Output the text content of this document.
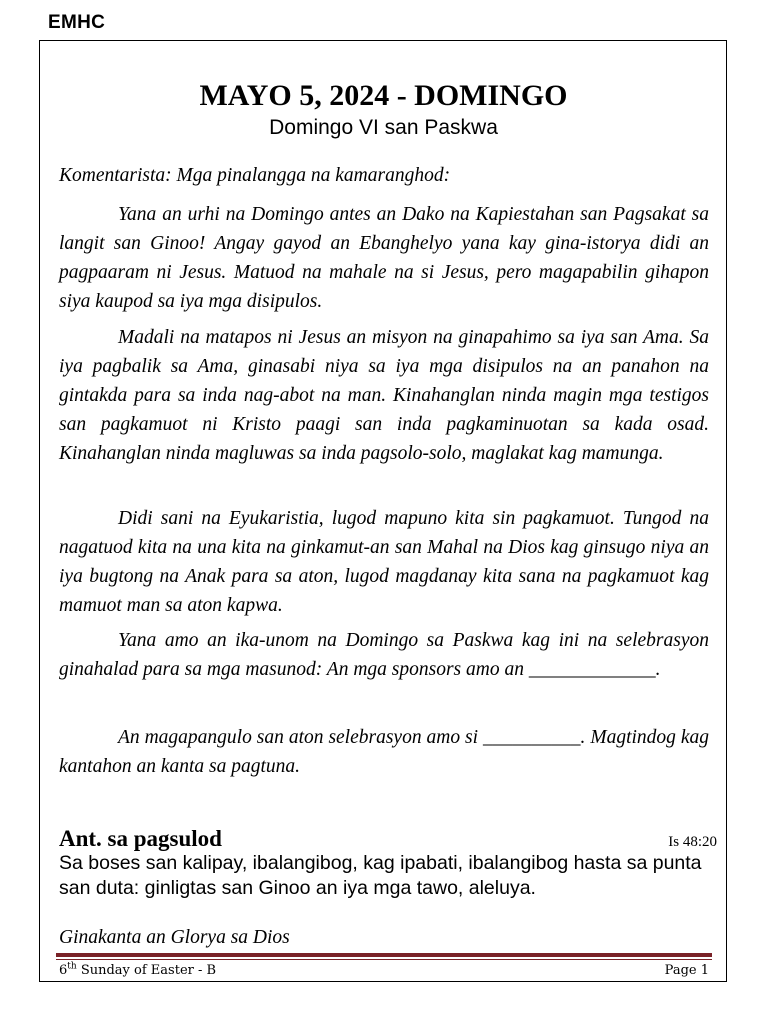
EMHC
MAYO 5, 2024 - DOMINGO
Domingo VI san Paskwa
Komentarista: Mga pinalangga na kamaranghod:

Yana an urhi na Domingo antes an Dako na Kapiestahan san Pagsakat sa langit san Ginoo! Angay gayod an Ebanghelyo yana kay gina-istorya didi an pagpaaram ni Jesus. Matuod na mahale na si Jesus, pero magapabilin gihapon siya kaupod sa iya mga disipulos.

Madali na matapos ni Jesus an misyon na ginapahimo sa iya san Ama. Sa iya pagbalik sa Ama, ginasabi niya sa iya mga disipulos na an panahon na gintakda para sa inda nag-abot na man. Kinahanglan ninda magin mga testigos san pagkamuot ni Kristo paagi san inda pagkaminuotan sa kada osad. Kinahanglan ninda magluwas sa inda pagsolo-solo, maglakat kag mamunga.

Didi sani na Eyukaristia, lugod mapuno kita sin pagkamuot. Tungod na nagatuod kita na una kita na ginkamut-an san Mahal na Dios kag ginsugo niya an iya bugtong na Anak para sa aton, lugod magdanay kita sana na pagkamuot kag mamuot man sa aton kapwa.

Yana amo an ika-unom na Domingo sa Paskwa kag ini na selebrasyon ginahalad para sa mga masunod: An mga sponsors amo an _____________.

An magapangulo san aton selebrasyon amo si __________. Magtindog kag kantahon an kanta sa pagtuna.

Ant. sa pagsulod	Is 48:20
Sa boses san kalipay, ibalangibog, kag ipabati, ibalangibog hasta sa punta san duta: ginligtas san Ginoo an iya mga tawo, aleluya.
Ginakanta an Glorya sa Dios
6th Sunday of Easter - B	Page 1
